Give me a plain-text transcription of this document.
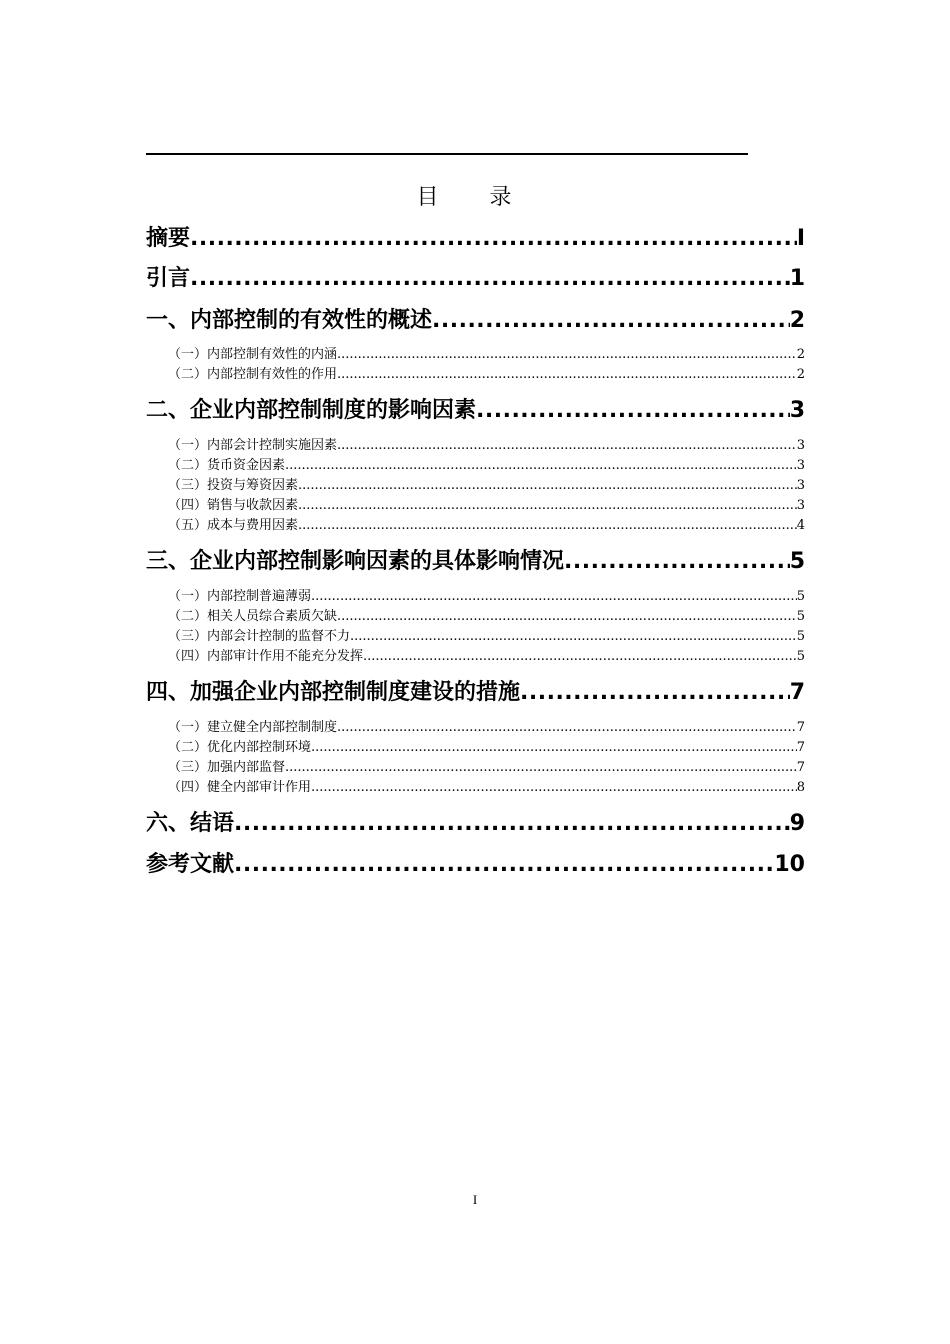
目 录
摘要 .....	I
引言 .....	1
一、内部控制的有效性的概述 .....	2
（一）内部控制有效性的内涵 .....	2
（二）内部控制有效性的作用 .....	2
二、企业内部控制制度的影响因素 .....	3
（一）内部会计控制实施因素 .....	3
（二）货币资金因素 .....	3
（三）投资与筹资因素 .....	3
（四）销售与收款因素 .....	3
（五）成本与费用因素 .....	4
三、企业内部控制影响因素的具体影响情况 .....	5
（一）内部控制普遍薄弱 .....	5
（二）相关人员综合素质欠缺 .....	5
（三）内部会计控制的监督不力 .....	5
（四）内部审计作用不能充分发挥 .....	5
四、加强企业内部控制制度建设的措施 .....	7
（一）建立健全内部控制制度 .....	7
（二）优化内部控制环境 .....	7
（三）加强内部监督 .....	7
（四）健全内部审计作用 .....	8
六、结语 .....	9
参考文献 .....	10
I
